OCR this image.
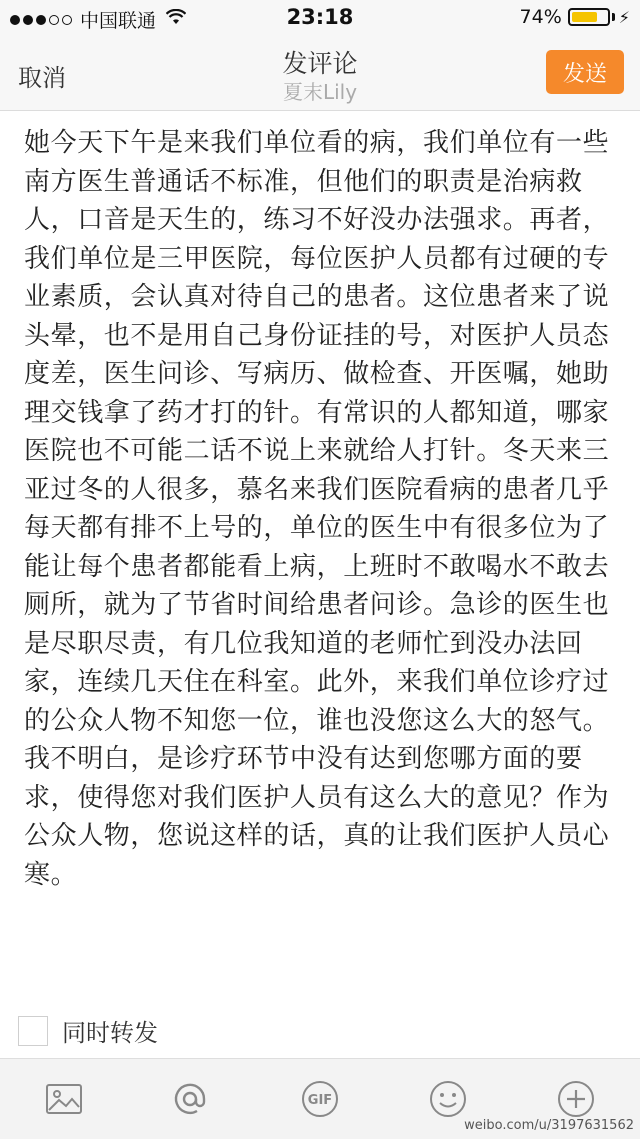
中国联通	23:18	74%	⚡
取消	发评论
夏末Lily
发送
她今天下午是来我们单位看的病，我们单位有一些南方医生普通话不标准，但他们的职责是治病救人，口音是天生的，练习不好没办法强求。再者，我们单位是三甲医院，每位医护人员都有过硬的专业素质，会认真对待自己的患者。这位患者来了说头晕，也不是用自己身份证挂的号，对医护人员态度差，医生问诊、写病历、做检查、开医嘱，她助理交钱拿了药才打的针。有常识的人都知道，哪家医院也不可能二话不说上来就给人打针。冬天来三亚过冬的人很多，慕名来我们医院看病的患者几乎每天都有排不上号的，单位的医生中有很多位为了能让每个患者都能看上病，上班时不敢喝水不敢去厕所，就为了节省时间给患者问诊。急诊的医生也是尽职尽责，有几位我知道的老师忙到没办法回家，连续几天住在科室。此外，来我们单位诊疗过的公众人物不知您一位，谁也没您这么大的怒气。我不明白，是诊疗环节中没有达到您哪方面的要求，使得您对我们医护人员有这么大的意见？作为公众人物，您说这样的话，真的让我们医护人员心寒。
同时转发
GIF
weibo.com/u/3197631562
